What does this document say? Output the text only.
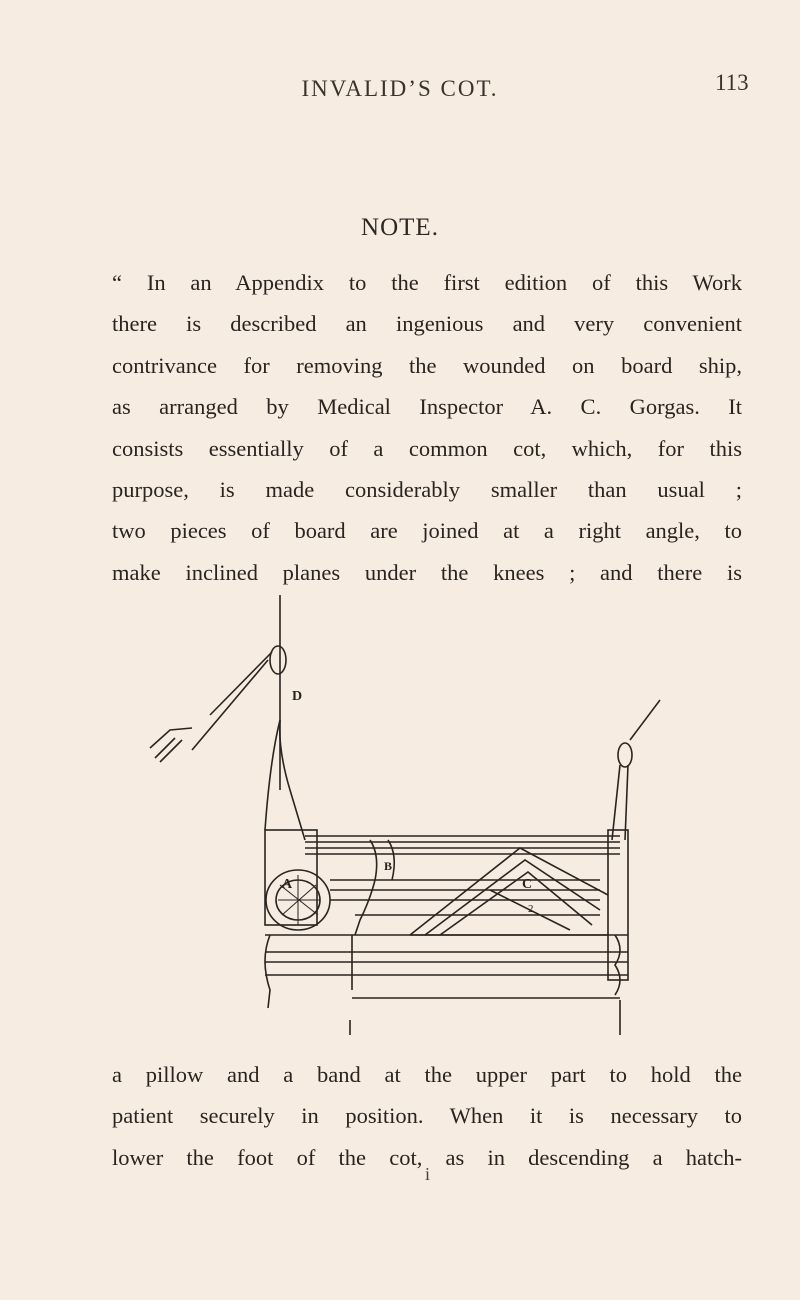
INVALID’S COT.	113
NOTE.
“ In an Appendix to the first edition of this Work
there is described an ingenious and very convenient
contrivance for removing the wounded on board ship,
as arranged by Medical Inspector A. C. Gorgas. It
consists essentially of a common cot, which, for this
purpose, is made considerably smaller than usual ;
two pieces of board are joined at a right angle, to
make inclined planes under the knees ; and there is
D
A
B
C
2
a pillow and a band at the upper part to hold the
patient securely in position. When it is necessary to
lower the foot of the cot, as in descending a hatch-
i
